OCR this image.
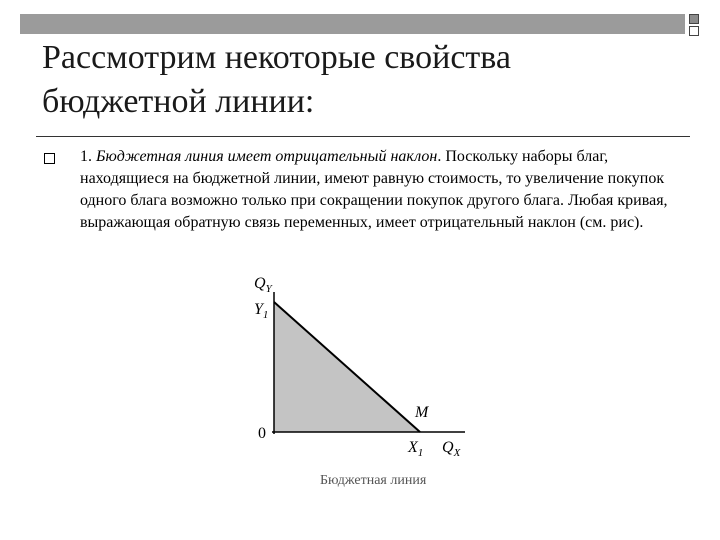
Рассмотрим некоторые свойства бюджетной линии:
1. Бюджетная линия имеет отрицательный наклон. Поскольку наборы благ, находящиеся на бюджетной линии, имеют равную стоимость, то увеличение покупок одного блага возможно только при сокращении покупок другого блага. Любая кривая, выражающая обратную связь переменных, имеет отрицательный наклон (см. рис).
$Q_Y$
$Y_1$
0
M
$X_1$ $Q_X$
Бюджетная линия
